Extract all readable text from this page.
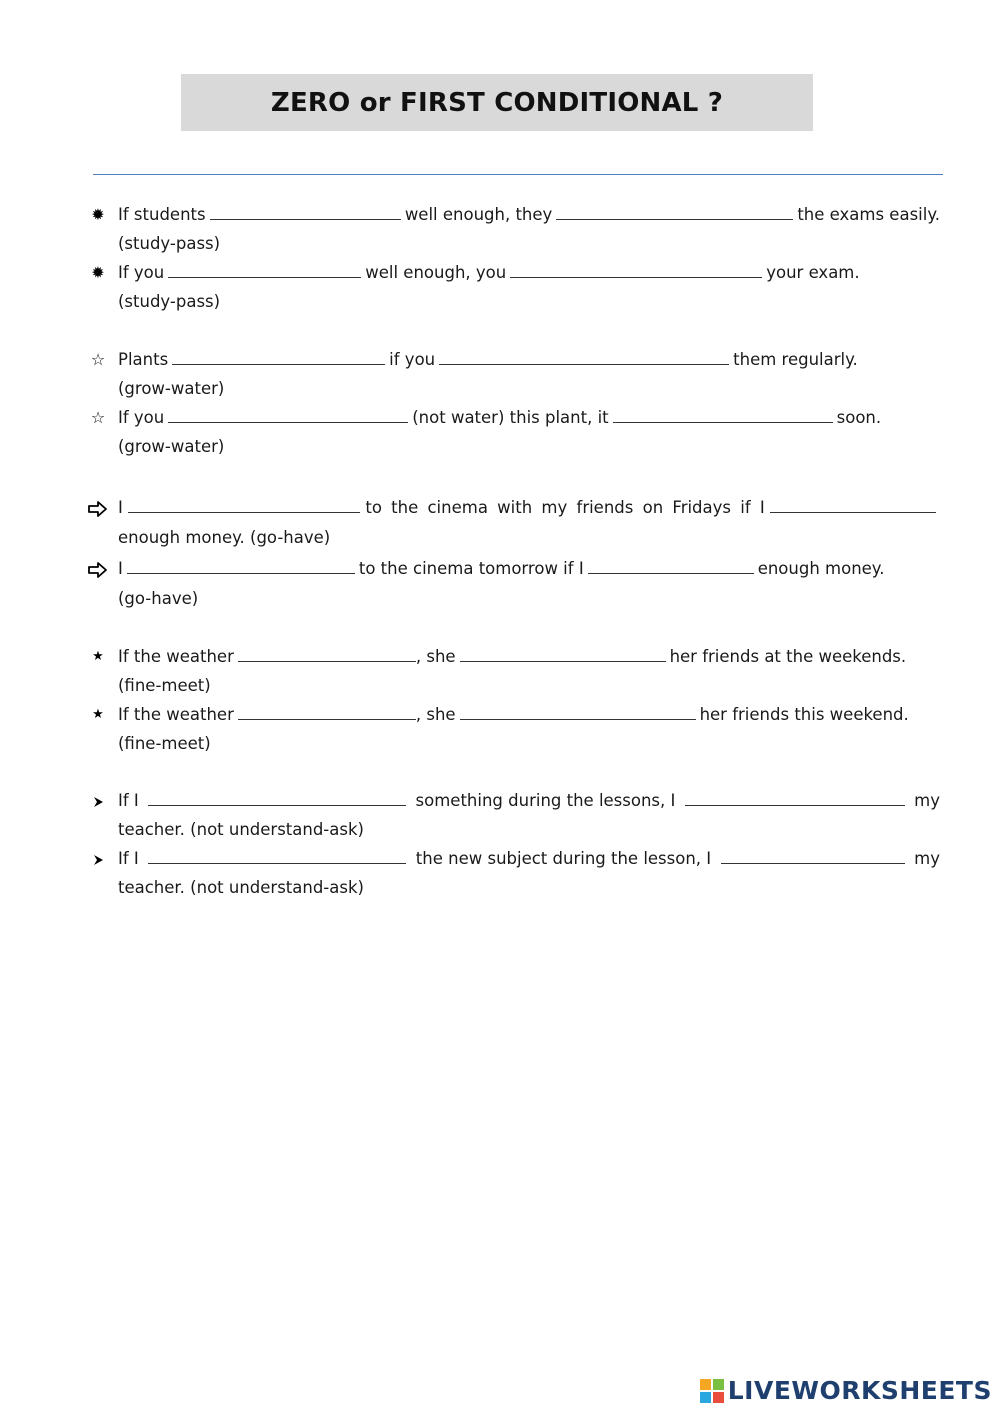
ZERO or FIRST CONDITIONAL ?
✹ If students	well enough, they	the exams easily.
(study-pass)
✹ If you	well enough, you	your exam.
(study-pass)
☆ Plants	if you	them regularly.
(grow-water)
☆ If you	(not water) this plant, it	soon.
(grow-water)
I	to the cinema with my friends on Fridays if I
enough money. (go-have)
I	to the cinema tomorrow if I	enough money.
(go-have)
★ If the weather	, she	her friends at the weekends.
(fine-meet)
★ If the weather	, she	her friends this weekend.
(fine-meet)
If I	something during the lessons, I	my
teacher. (not understand-ask)
If I	the new subject during the lesson, I	my
teacher. (not understand-ask)
LIVEWORKSHEETS
